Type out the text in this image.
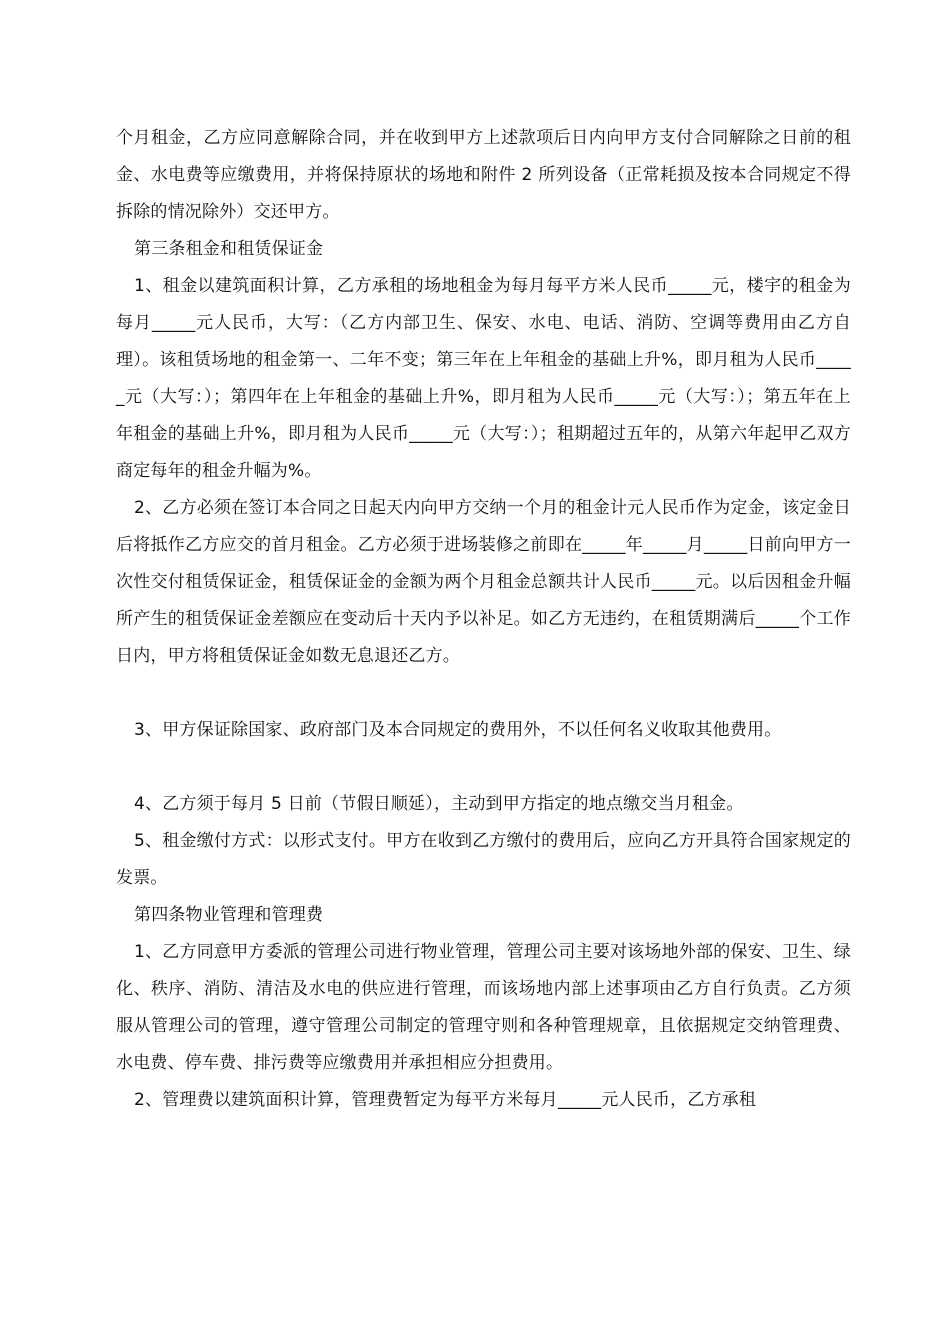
个月租金，乙方应同意解除合同，并在收到甲方上述款项后日内向甲方支付合同解除之日前的租金、水电费等应缴费用，并将保持原状的场地和附件 2 所列设备（正常耗损及按本合同规定不得拆除的情况除外）交还甲方。

第三条租金和租赁保证金

1、租金以建筑面积计算，乙方承租的场地租金为每月每平方米人民币_____元，楼宇的租金为每月_____元人民币，大写：（乙方内部卫生、保安、水电、电话、消防、空调等费用由乙方自理）。该租赁场地的租金第一、二年不变；第三年在上年租金的基础上升%，即月租为人民币_____元（大写：）；第四年在上年租金的基础上升%，即月租为人民币_____元（大写：）；第五年在上年租金的基础上升%，即月租为人民币_____元（大写：）；租期超过五年的，从第六年起甲乙双方商定每年的租金升幅为%。

2、乙方必须在签订本合同之日起天内向甲方交纳一个月的租金计元人民币作为定金，该定金日后将抵作乙方应交的首月租金。乙方必须于进场装修之前即在_____年_____月_____日前向甲方一次性交付租赁保证金，租赁保证金的金额为两个月租金总额共计人民币_____元。以后因租金升幅所产生的租赁保证金差额应在变动后十天内予以补足。如乙方无违约，在租赁期满后_____个工作日内，甲方将租赁保证金如数无息退还乙方。

3、甲方保证除国家、政府部门及本合同规定的费用外，不以任何名义收取其他费用。

4、乙方须于每月 5 日前（节假日顺延），主动到甲方指定的地点缴交当月租金。

5、租金缴付方式：以形式支付。甲方在收到乙方缴付的费用后，应向乙方开具符合国家规定的发票。

第四条物业管理和管理费

1、乙方同意甲方委派的管理公司进行物业管理，管理公司主要对该场地外部的保安、卫生、绿化、秩序、消防、清洁及水电的供应进行管理，而该场地内部上述事项由乙方自行负责。乙方须服从管理公司的管理，遵守管理公司制定的管理守则和各种管理规章，且依据规定交纳管理费、水电费、停车费、排污费等应缴费用并承担相应分担费用。

2、管理费以建筑面积计算，管理费暂定为每平方米每月_____元人民币，乙方承租
